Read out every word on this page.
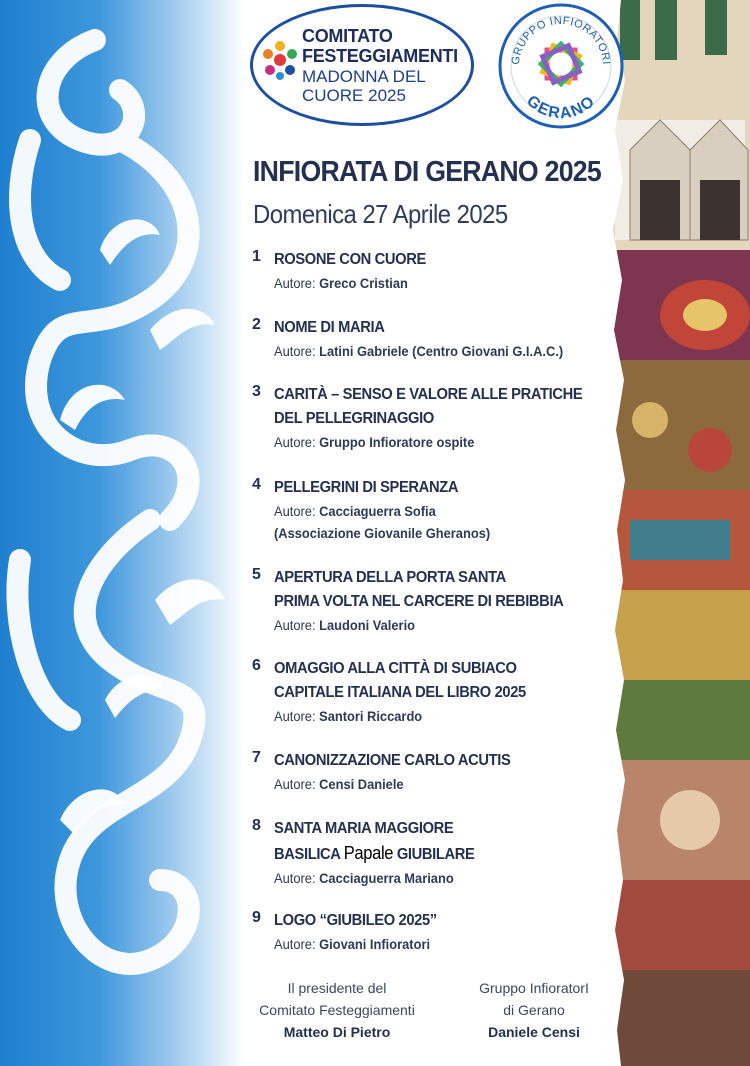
COMITATO
FESTEGGIAMENTI
MADONNA DEL
CUORE 2025
GRUPPO INFIORATORI
GERANO
INFIORATA DI GERANO 2025
Domenica 27 Aprile 2025
1 ROSONE CON CUORE
Autore: Greco Cristian
2 NOME DI MARIA
Autore: Latini Gabriele (Centro Giovani G.I.A.C.)
3 CARITÀ – SENSO E VALORE ALLE PRATICHE
DEL PELLEGRINAGGIO
Autore: Gruppo Infioratore ospite
4 PELLEGRINI DI SPERANZA
Autore: Cacciaguerra Sofia
(Associazione Giovanile Gheranos)
5 APERTURA DELLA PORTA SANTA
PRIMA VOLTA NEL CARCERE DI REBIBBIA
Autore: Laudoni Valerio
6 OMAGGIO ALLA CITTÀ DI SUBIACO
CAPITALE ITALIANA DEL LIBRO 2025
Autore: Santori Riccardo
7 CANONIZZAZIONE CARLO ACUTIS
Autore: Censi Daniele
8 SANTA MARIA MAGGIORE
BASILICA Papale GIUBILARE
Autore: Cacciaguerra Mariano
9 LOGO “GIUBILEO 2025”
Autore: Giovani Infioratori
Il presidente del
Comitato Festeggiamenti
Matteo Di Pietro
Gruppo InfioratorI
di Gerano
Daniele Censi
